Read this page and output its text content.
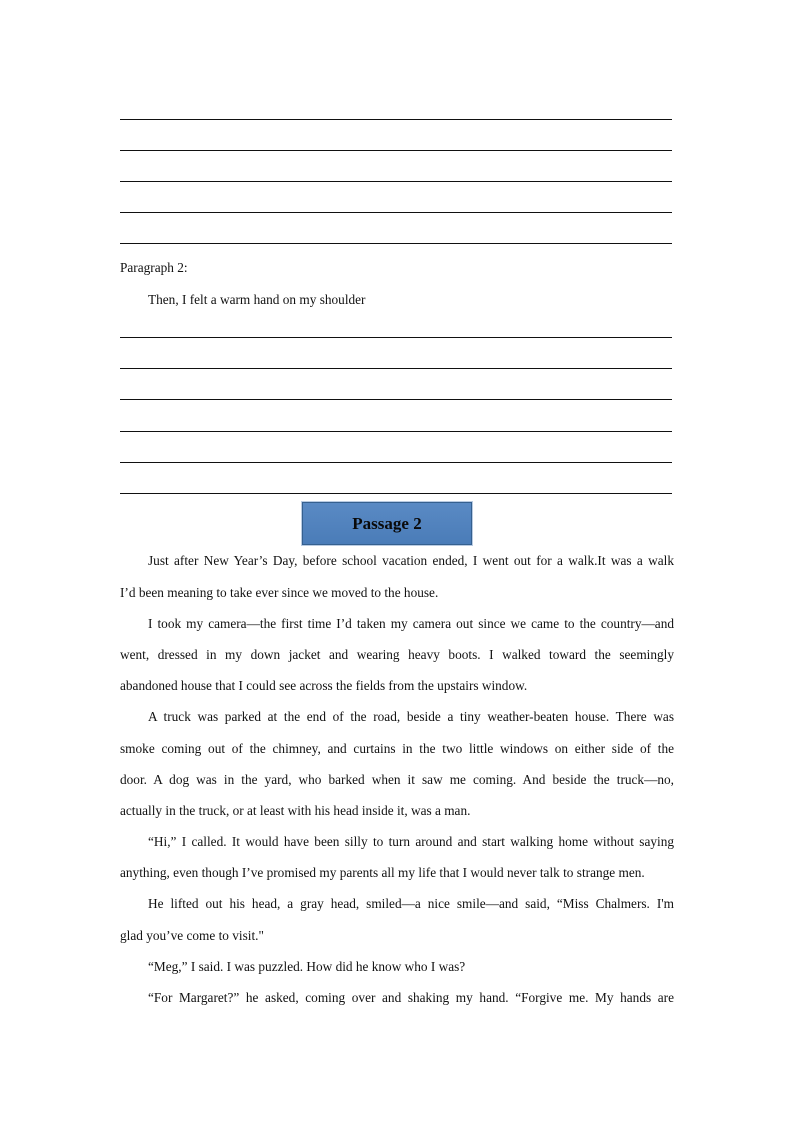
Paragraph 2:
Then, I felt a warm hand on my shoulder
Passage 2
Just after New Year’s Day, before school vacation ended, I went out for a walk.It was a walk
I’d been meaning to take ever since we moved to the house.
I took my camera—the first time I’d taken my camera out since we came to the country—and
went, dressed in my down jacket and wearing heavy boots. I walked toward the seemingly
abandoned house that I could see across the fields from the upstairs window.
A truck was parked at the end of the road, beside a tiny weather-beaten house. There was
smoke coming out of the chimney, and curtains in the two little windows on either side of the
door. A dog was in the yard, who barked when it saw me coming. And beside the truck—no,
actually in the truck, or at least with his head inside it, was a man.
“Hi,” I called. It would have been silly to turn around and start walking home without saying
anything, even though I’ve promised my parents all my life that I would never talk to strange men.
He lifted out his head, a gray head, smiled—a nice smile—and said, “Miss Chalmers. I'm
glad you’ve come to visit."
“Meg,” I said. I was puzzled. How did he know who I was?
“For Margaret?” he asked, coming over and shaking my hand. “Forgive me. My hands are
